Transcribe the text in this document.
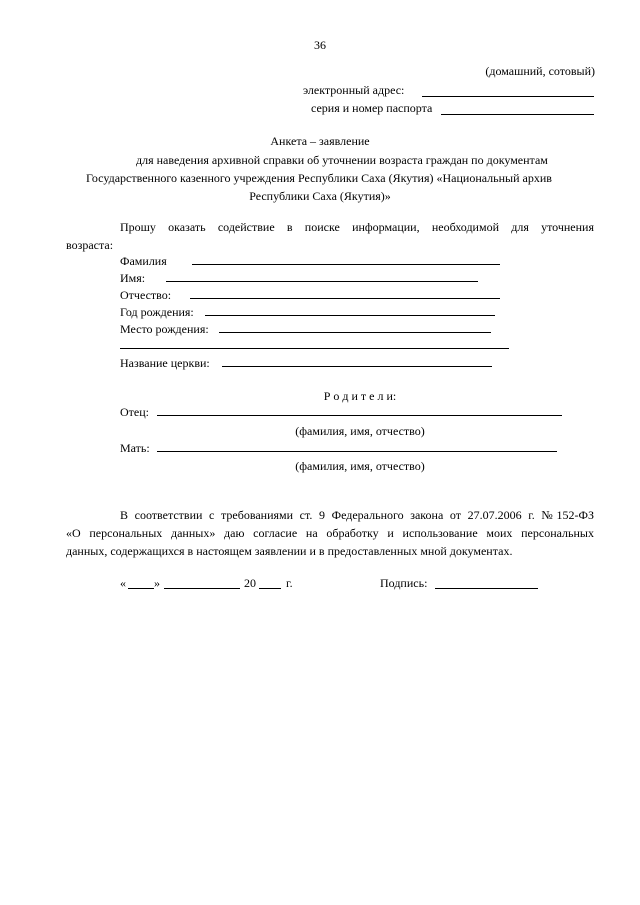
36
(домашний, сотовый)
электронный адрес:
серия и номер паспорта
Анкета – заявление
для наведения архивной справки об уточнении возраста граждан по документам
Государственного казенного учреждения Республики Саха (Якутия) «Национальный архив
Республики Саха (Якутия)»
Прошу оказать содействие в поиске информации, необходимой для уточнения
возраста:
Фамилия
Имя:
Отчество:
Год рождения:
Место рождения:
Название церкви:
Р о д и т е л и:
Отец:
(фамилия, имя, отчество)
Мать:
(фамилия, имя, отчество)
В соответствии с требованиями ст. 9 Федерального закона от 27.07.2006 г. №152-ФЗ
«О персональных данных» даю согласие на обработку и использование моих персональных
данных, содержащихся в настоящем заявлении и в предоставленных мной документах.
« »	20	г.	Подпись:
